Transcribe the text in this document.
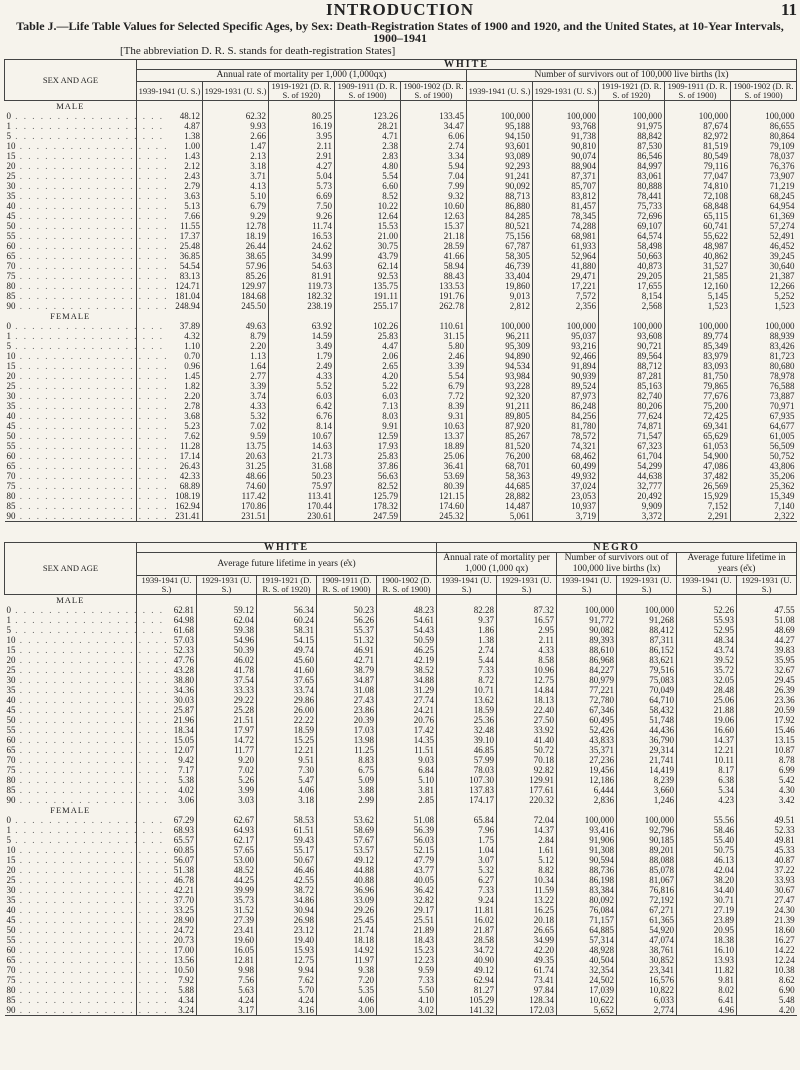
INTRODUCTION	11
Table J.—Life Table Values for Selected Specific Ages, by Sex: Death-Registration States of 1900 and 1920, and the United States, at 10-Year Intervals, 1900–1941
[The abbreviation D. R. S. stands for death-registration States]
SEX AND AGE	WHITE									
	Annual rate of mortality per 1,000 (1,000qx)					Number of survivors out of 100,000 live births (lx)				
	1939-1941 (U. S.)	1929-1931 (U. S.)	1919-1921 (D. R. S. of 1920)	1909-1911 (D. R. S. of 1900)	1900-1902 (D. R. S. of 1900)	1939-1941 (U. S.)	1929-1931 (U. S.)	1919-1921 (D. R. S. of 1920)	1909-1911 (D. R. S. of 1900)	1900-1902 (D. R. S. of 1900)
MALE										
0 . . . . . . . . . . . . . . . . . .	48.12	62.32	80.25	123.26	133.45	100,000	100,000	100,000	100,000	100,000
1 . . . . . . . . . . . . . . . . . .	4.87	9.93	16.19	28.21	34.47	95,188	93,768	91,975	87,674	86,655
5 . . . . . . . . . . . . . . . . . .	1.38	2.66	3.95	4.71	6.06	94,150	91,738	88,842	82,972	80,864
10 . . . . . . . . . . . . . . . . . .	1.00	1.47	2.11	2.38	2.74	93,601	90,810	87,530	81,519	79,109
15 . . . . . . . . . . . . . . . . . .	1.43	2.13	2.91	2.83	3.34	93,089	90,074	86,546	80,549	78,037
20 . . . . . . . . . . . . . . . . . .	2.12	3.18	4.27	4.80	5.94	92,293	88,904	84,997	79,116	76,376
25 . . . . . . . . . . . . . . . . . .	2.43	3.71	5.04	5.54	7.04	91,241	87,371	83,061	77,047	73,907
30 . . . . . . . . . . . . . . . . . .	2.79	4.13	5.73	6.60	7.99	90,092	85,707	80,888	74,810	71,219
35 . . . . . . . . . . . . . . . . . .	3.63	5.10	6.69	8.52	9.32	88,713	83,812	78,441	72,108	68,245
40 . . . . . . . . . . . . . . . . . .	5.13	6.79	7.50	10.22	10.60	86,880	81,457	75,733	68,848	64,954
45 . . . . . . . . . . . . . . . . . .	7.66	9.29	9.26	12.64	12.63	84,285	78,345	72,696	65,115	61,369
50 . . . . . . . . . . . . . . . . . .	11.55	12.78	11.74	15.53	15.37	80,521	74,288	69,107	60,741	57,274
55 . . . . . . . . . . . . . . . . . .	17.37	18.19	16.53	21.00	21.18	75,156	68,981	64,574	55,622	52,491
60 . . . . . . . . . . . . . . . . . .	25.48	26.44	24.62	30.75	28.59	67,787	61,933	58,498	48,987	46,452
65 . . . . . . . . . . . . . . . . . .	36.85	38.65	34.99	43.79	41.66	58,305	52,964	50,663	40,862	39,245
70 . . . . . . . . . . . . . . . . . .	54.54	57.96	54.63	62.14	58.94	46,739	41,880	40,873	31,527	30,640
75 . . . . . . . . . . . . . . . . . .	83.13	85.26	81.91	92.53	88.43	33,404	29,471	29,205	21,585	21,387
80 . . . . . . . . . . . . . . . . . .	124.71	129.97	119.73	135.75	133.53	19,860	17,221	17,655	12,160	12,266
85 . . . . . . . . . . . . . . . . . .	181.04	184.68	182.32	191.11	191.76	9,013	7,572	8,154	5,145	5,252
90 . . . . . . . . . . . . . . . . . .	248.94	245.50	238.19	255.17	262.78	2,812	2,356	2,568	1,523	1,523
FEMALE										
0 . . . . . . . . . . . . . . . . . .	37.89	49.63	63.92	102.26	110.61	100,000	100,000	100,000	100,000	100,000
1 . . . . . . . . . . . . . . . . . .	4.32	8.79	14.59	25.83	31.15	96,211	95,037	93,608	89,774	88,939
5 . . . . . . . . . . . . . . . . . .	1.10	2.20	3.49	4.47	5.80	95,309	93,216	90,721	85,349	83,426
10 . . . . . . . . . . . . . . . . . .	0.70	1.13	1.79	2.06	2.46	94,890	92,466	89,564	83,979	81,723
15 . . . . . . . . . . . . . . . . . .	0.96	1.64	2.49	2.65	3.39	94,534	91,894	88,712	83,093	80,680
20 . . . . . . . . . . . . . . . . . .	1.45	2.77	4.33	4.20	5.54	93,984	90,939	87,281	81,750	78,978
25 . . . . . . . . . . . . . . . . . .	1.82	3.39	5.52	5.22	6.79	93,228	89,524	85,163	79,865	76,588
30 . . . . . . . . . . . . . . . . . .	2.20	3.74	6.03	6.03	7.72	92,320	87,973	82,740	77,676	73,887
35 . . . . . . . . . . . . . . . . . .	2.78	4.33	6.42	7.13	8.39	91,211	86,248	80,206	75,200	70,971
40 . . . . . . . . . . . . . . . . . .	3.68	5.32	6.76	8.03	9.31	89,805	84,256	77,624	72,425	67,935
45 . . . . . . . . . . . . . . . . . .	5.23	7.02	8.14	9.91	10.63	87,920	81,780	74,871	69,341	64,677
50 . . . . . . . . . . . . . . . . . .	7.62	9.59	10.67	12.59	13.37	85,267	78,572	71,547	65,629	61,005
55 . . . . . . . . . . . . . . . . . .	11.28	13.75	14.63	17.93	18.89	81,520	74,321	67,323	61,053	56,509
60 . . . . . . . . . . . . . . . . . .	17.14	20.63	21.73	25.83	25.06	76,200	68,462	61,704	54,900	50,752
65 . . . . . . . . . . . . . . . . . .	26.43	31.25	31.68	37.86	36.41	68,701	60,499	54,299	47,086	43,806
70 . . . . . . . . . . . . . . . . . .	42.33	48.66	50.23	56.63	53.69	58,363	49,932	44,638	37,482	35,206
75 . . . . . . . . . . . . . . . . . .	68.89	74.60	75.97	82.52	80.39	44,685	37,024	32,777	26,569	25,362
80 . . . . . . . . . . . . . . . . . .	108.19	117.42	113.41	125.79	121.15	28,882	23,053	20,492	15,929	15,349
85 . . . . . . . . . . . . . . . . . .	162.94	170.86	170.44	178.32	174.60	14,487	10,937	9,909	7,152	7,140
90 . . . . . . . . . . . . . . . . . .	231.41	231.51	230.61	247.59	245.32	5,061	3,719	3,372	2,291	2,322
SEX AND AGE	WHITE					NEGRO					
	Average future lifetime in years (e̊x)					Annual rate of mortality per 1,000 (1,000 qx)		Number of survivors out of 100,000 live births (lx)		Average future lifetime in years (e̊x)	
	1939-1941 (U. S.)	1929-1931 (U. S.)	1919-1921 (D. R. S. of 1920)	1909-1911 (D. R. S. of 1900)	1900-1902 (D. R. S. of 1900)	1939-1941 (U. S.)	1929-1931 (U. S.)	1939-1941 (U. S.)	1929-1931 (U. S.)	1939-1941 (U. S.)	1929-1931 (U. S.)
MALE											
0 . . . . . . . . . . . . . . . . . .	62.81	59.12	56.34	50.23	48.23	82.28	87.32	100,000	100,000	52.26	47.55
1 . . . . . . . . . . . . . . . . . .	64.98	62.04	60.24	56.26	54.61	9.37	16.57	91,772	91,268	55.93	51.08
5 . . . . . . . . . . . . . . . . . .	61.68	59.38	58.31	55.37	54.43	1.86	2.95	90,082	88,412	52.95	48.69
10 . . . . . . . . . . . . . . . . . .	57.03	54.96	54.15	51.32	50.59	1.38	2.11	89,393	87,311	48.34	44.27
15 . . . . . . . . . . . . . . . . . .	52.33	50.39	49.74	46.91	46.25	2.74	4.33	88,610	86,152	43.74	39.83
20 . . . . . . . . . . . . . . . . . .	47.76	46.02	45.60	42.71	42.19	5.44	8.58	86,968	83,621	39.52	35.95
25 . . . . . . . . . . . . . . . . . .	43.28	41.78	41.60	38.79	38.52	7.33	10.96	84,227	79,516	35.72	32.67
30 . . . . . . . . . . . . . . . . . .	38.80	37.54	37.65	34.87	34.88	8.72	12.75	80,979	75,083	32.05	29.45
35 . . . . . . . . . . . . . . . . . .	34.36	33.33	33.74	31.08	31.29	10.71	14.84	77,221	70,049	28.48	26.39
40 . . . . . . . . . . . . . . . . . .	30.03	29.22	29.86	27.43	27.74	13.62	18.13	72,780	64,710	25.06	23.36
45 . . . . . . . . . . . . . . . . . .	25.87	25.28	26.00	23.86	24.21	18.59	22.40	67,346	58,432	21.88	20.59
50 . . . . . . . . . . . . . . . . . .	21.96	21.51	22.22	20.39	20.76	25.36	27.50	60,495	51,748	19.06	17.92
55 . . . . . . . . . . . . . . . . . .	18.34	17.97	18.59	17.03	17.42	32.48	33.92	52,426	44,436	16.60	15.46
60 . . . . . . . . . . . . . . . . . .	15.05	14.72	15.25	13.98	14.35	39.10	41.40	43,833	36,790	14.37	13.15
65 . . . . . . . . . . . . . . . . . .	12.07	11.77	12.21	11.25	11.51	46.85	50.72	35,371	29,314	12.21	10.87
70 . . . . . . . . . . . . . . . . . .	9.42	9.20	9.51	8.83	9.03	57.99	70.18	27,236	21,741	10.11	8.78
75 . . . . . . . . . . . . . . . . . .	7.17	7.02	7.30	6.75	6.84	78.03	92.82	19,456	14,419	8.17	6.99
80 . . . . . . . . . . . . . . . . . .	5.38	5.26	5.47	5.09	5.10	107.30	129.91	12,186	8,239	6.38	5.42
85 . . . . . . . . . . . . . . . . . .	4.02	3.99	4.06	3.88	3.81	137.83	177.61	6,444	3,660	5.34	4.30
90 . . . . . . . . . . . . . . . . . .	3.06	3.03	3.18	2.99	2.85	174.17	220.32	2,836	1,246	4.23	3.42
FEMALE											
0 . . . . . . . . . . . . . . . . . .	67.29	62.67	58.53	53.62	51.08	65.84	72.04	100,000	100,000	55.56	49.51
1 . . . . . . . . . . . . . . . . . .	68.93	64.93	61.51	58.69	56.39	7.96	14.37	93,416	92,796	58.46	52.33
5 . . . . . . . . . . . . . . . . . .	65.57	62.17	59.43	57.67	56.03	1.75	2.84	91,906	90,185	55.40	49.81
10 . . . . . . . . . . . . . . . . . .	60.85	57.65	55.17	53.57	52.15	1.04	1.61	91,308	89,201	50.75	45.33
15 . . . . . . . . . . . . . . . . . .	56.07	53.00	50.67	49.12	47.79	3.07	5.12	90,594	88,088	46.13	40.87
20 . . . . . . . . . . . . . . . . . .	51.38	48.52	46.46	44.88	43.77	5.32	8.82	88,736	85,078	42.04	37.22
25 . . . . . . . . . . . . . . . . . .	46.78	44.25	42.55	40.88	40.05	6.27	10.34	86,198	81,067	38.20	33.93
30 . . . . . . . . . . . . . . . . . .	42.21	39.99	38.72	36.96	36.42	7.33	11.59	83,384	76,816	34.40	30.67
35 . . . . . . . . . . . . . . . . . .	37.70	35.73	34.86	33.09	32.82	9.24	13.22	80,092	72,192	30.71	27.47
40 . . . . . . . . . . . . . . . . . .	33.25	31.52	30.94	29.26	29.17	11.81	16.25	76,084	67,271	27.19	24.30
45 . . . . . . . . . . . . . . . . . .	28.90	27.39	26.98	25.45	25.51	16.02	20.18	71,157	61,365	23.89	21.39
50 . . . . . . . . . . . . . . . . . .	24.72	23.41	23.12	21.74	21.89	21.87	26.65	64,885	54,920	20.95	18.60
55 . . . . . . . . . . . . . . . . . .	20.73	19.60	19.40	18.18	18.43	28.58	34.99	57,314	47,074	18.38	16.27
60 . . . . . . . . . . . . . . . . . .	17.00	16.05	15.93	14.92	15.23	34.72	42.20	48,928	38,761	16.10	14.22
65 . . . . . . . . . . . . . . . . . .	13.56	12.81	12.75	11.97	12.23	40.90	49.35	40,504	30,852	13.93	12.24
70 . . . . . . . . . . . . . . . . . .	10.50	9.98	9.94	9.38	9.59	49.12	61.74	32,354	23,341	11.82	10.38
75 . . . . . . . . . . . . . . . . . .	7.92	7.56	7.62	7.20	7.33	62.94	73.41	24,502	16,576	9.81	8.62
80 . . . . . . . . . . . . . . . . . .	5.88	5.63	5.70	5.35	5.50	81.27	97.84	17,039	10,822	8.02	6.90
85 . . . . . . . . . . . . . . . . . .	4.34	4.24	4.24	4.06	4.10	105.29	128.34	10,622	6,033	6.41	5.48
90 . . . . . . . . . . . . . . . . . .	3.24	3.17	3.16	3.00	3.02	141.32	172.03	5,652	2,774	4.96	4.20
